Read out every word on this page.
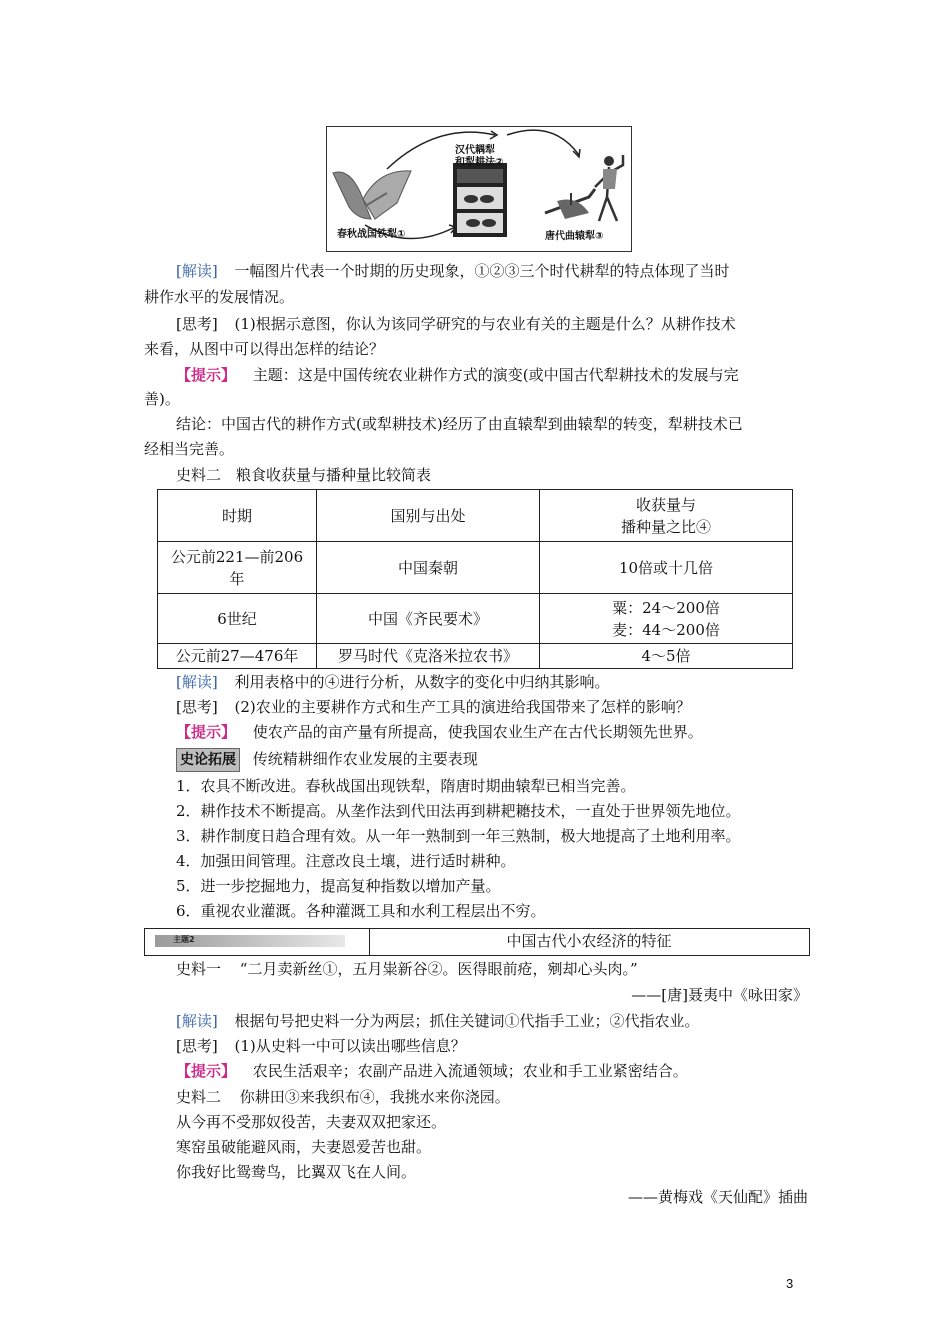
春秋战国铁犁①
汉代耦犁
和犁耕法②
唐代曲辕犁③
[解读] 一幅图片代表一个时期的历史现象，①②③三个时代耕犁的特点体现了当时
耕作水平的发展情况。
[思考] (1)根据示意图，你认为该同学研究的与农业有关的主题是什么？从耕作技术
来看，从图中可以得出怎样的结论？
【提示】 主题：这是中国传统农业耕作方式的演变(或中国古代犁耕技术的发展与完
善)。
结论：中国古代的耕作方式(或犁耕技术)经历了由直辕犁到曲辕犁的转变，犁耕技术已
经相当完善。
史料二　粮食收获量与播种量比较简表
时期	国别与出处	收获量与
播种量之比④

公元前221—前206
年	中国秦朝	10倍或十几倍
6世纪	中国《齐民要术》	粟：24～200倍
麦：44～200倍

公元前27—476年	罗马时代《克洛米拉农书》	4～5倍
[解读] 利用表格中的④进行分析，从数字的变化中归纳其影响。
[思考] (2)农业的主要耕作方式和生产工具的演进给我国带来了怎样的影响？
【提示】 使农产品的亩产量有所提高，使我国农业生产在古代长期领先世界。
史论拓展 传统精耕细作农业发展的主要表现
1．农具不断改进。春秋战国出现铁犁，隋唐时期曲辕犁已相当完善。
2．耕作技术不断提高。从垄作法到代田法再到耕耙耱技术，一直处于世界领先地位。
3．耕作制度日趋合理有效。从一年一熟制到一年三熟制，极大地提高了土地利用率。
4．加强田间管理。注意改良土壤，进行适时耕种。
5．进一步挖掘地力，提高复种指数以增加产量。
6．重视农业灌溉。各种灌溉工具和水利工程层出不穷。
主题2	中国古代小农经济的特征
史料一 “二月卖新丝①，五月粜新谷②。医得眼前疮，剜却心头肉。”
——[唐]聂夷中《咏田家》
[解读] 根据句号把史料一分为两层；抓住关键词①代指手工业；②代指农业。
[思考] (1)从史料一中可以读出哪些信息？
【提示】 农民生活艰辛；农副产品进入流通领域；农业和手工业紧密结合。
史料二 你耕田③来我织布④，我挑水来你浇园。
从今再不受那奴役苦，夫妻双双把家还。
寒窑虽破能避风雨，夫妻恩爱苦也甜。
你我好比鸳鸯鸟，比翼双飞在人间。
——黄梅戏《天仙配》插曲
3
